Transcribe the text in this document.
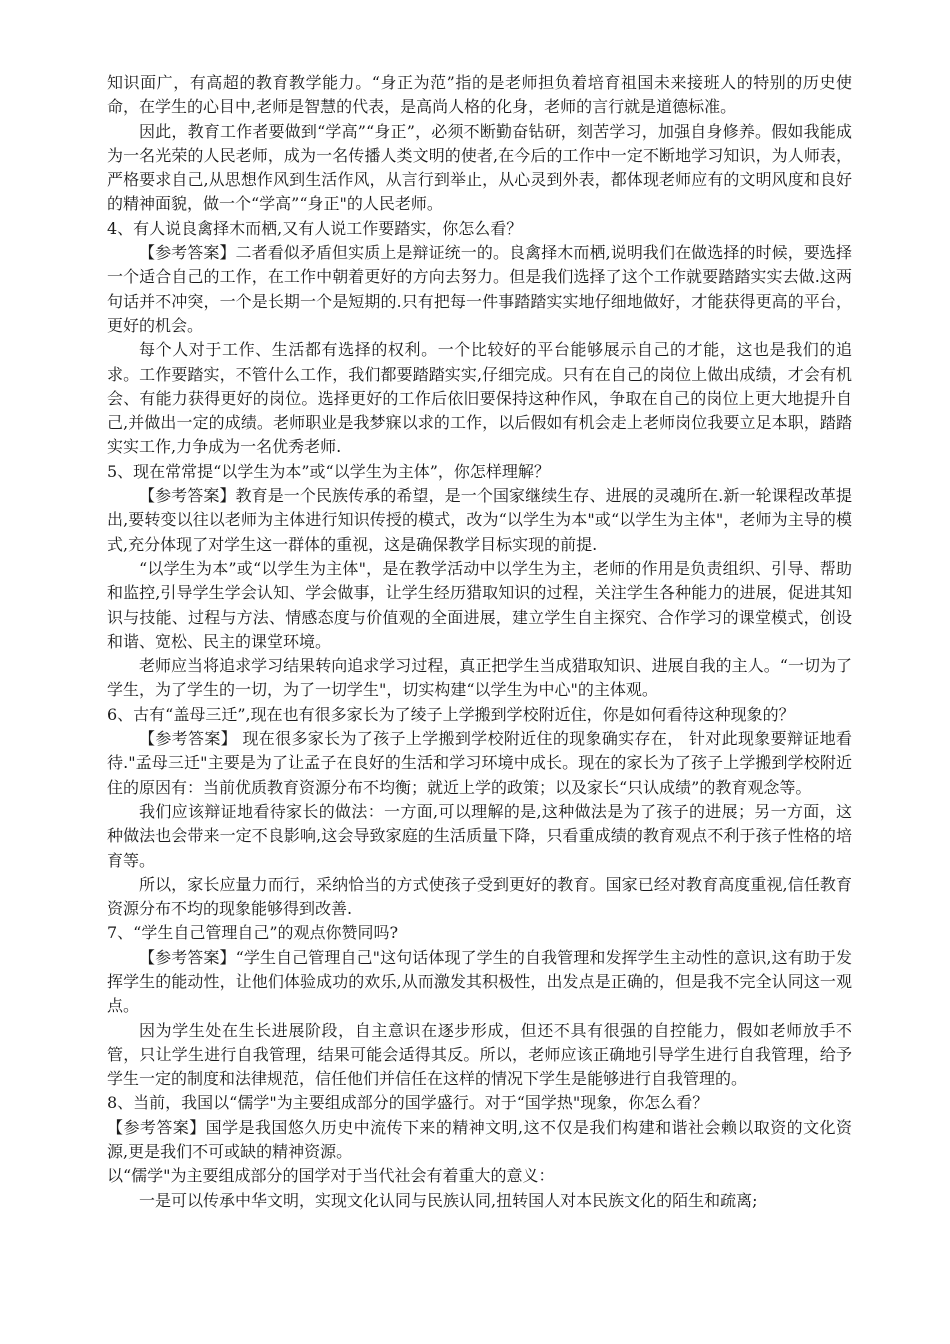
知识面广，有高超的教育教学能力。“身正为范”指的是老师担负着培育祖国未来接班人的特别的历史使命，在学生的心目中,老师是智慧的代表，是高尚人格的化身，老师的言行就是道德标准。

因此，教育工作者要做到“学高”“身正”，必须不断勤奋钻研，刻苦学习，加强自身修养。假如我能成为一名光荣的人民老师，成为一名传播人类文明的使者,在今后的工作中一定不断地学习知识，为人师表，严格要求自己,从思想作风到生活作风，从言行到举止，从心灵到外表，都体现老师应有的文明风度和良好的精神面貌，做一个“学高”“身正"的人民老师。

4、有人说良禽择木而栖,又有人说工作要踏实，你怎么看？

【参考答案】二者看似矛盾但实质上是辩证统一的。良禽择木而栖,说明我们在做选择的时候，要选择一个适合自己的工作，在工作中朝着更好的方向去努力。但是我们选择了这个工作就要踏踏实实去做.这两句话并不冲突，一个是长期一个是短期的.只有把每一件事踏踏实实地仔细地做好，才能获得更高的平台，更好的机会。

每个人对于工作、生活都有选择的权利。一个比较好的平台能够展示自己的才能，这也是我们的追求。工作要踏实，不管什么工作，我们都要踏踏实实,仔细完成。只有在自己的岗位上做出成绩，才会有机会、有能力获得更好的岗位。选择更好的工作后依旧要保持这种作风，争取在自己的岗位上更大地提升自己,并做出一定的成绩。老师职业是我梦寐以求的工作，以后假如有机会走上老师岗位我要立足本职，踏踏实实工作,力争成为一名优秀老师.

5、现在常常提“以学生为本”或“以学生为主体”，你怎样理解？

【参考答案】教育是一个民族传承的希望，是一个国家继续生存、进展的灵魂所在.新一轮课程改革提出,要转变以往以老师为主体进行知识传授的模式，改为“以学生为本"或“以学生为主体"，老师为主导的模式,充分体现了对学生这一群体的重视，这是确保教学目标实现的前提.

“以学生为本”或“以学生为主体"，是在教学活动中以学生为主，老师的作用是负责组织、引导、帮助和监控,引导学生学会认知、学会做事，让学生经历猎取知识的过程，关注学生各种能力的进展，促进其知识与技能、过程与方法、情感态度与价值观的全面进展，建立学生自主探究、合作学习的课堂模式，创设和谐、宽松、民主的课堂环境。

老师应当将追求学习结果转向追求学习过程，真正把学生当成猎取知识、进展自我的主人。“一切为了学生，为了学生的一切，为了一切学生"，切实构建“以学生为中心"的主体观。

6、古有“盖母三迁”,现在也有很多家长为了绫子上学搬到学校附近住，你是如何看待这种现象的？

【参考答案】 现在很多家长为了孩子上学搬到学校附近住的现象确实存在， 针对此现象要辩证地看待."孟母三迁"主要是为了让孟子在良好的生活和学习环境中成长。现在的家长为了孩子上学搬到学校附近住的原因有：当前优质教育资源分布不均衡；就近上学的政策；以及家长“只认成绩”的教育观念等。

我们应该辩证地看待家长的做法：一方面,可以理解的是,这种做法是为了孩子的进展；另一方面，这种做法也会带来一定不良影响,这会导致家庭的生活质量下降，只看重成绩的教育观点不利于孩子性格的培育等。

所以，家长应量力而行，采纳恰当的方式使孩子受到更好的教育。国家已经对教育高度重视,信任教育资源分布不均的现象能够得到改善.

7、“学生自己管理自己”的观点你赞同吗?

【参考答案】“学生自己管理自己"这句话体现了学生的自我管理和发挥学生主动性的意识,这有助于发挥学生的能动性，让他们体验成功的欢乐,从而激发其积极性，出发点是正确的，但是我不完全认同这一观点。

因为学生处在生长进展阶段，自主意识在逐步形成，但还不具有很强的自控能力，假如老师放手不管，只让学生进行自我管理，结果可能会适得其反。所以，老师应该正确地引导学生进行自我管理，给予学生一定的制度和法律规范，信任他们并信任在这样的情况下学生是能够进行自我管理的。

8、当前，我国以“儒学"为主要组成部分的国学盛行。对于“国学热"现象，你怎么看？

【参考答案】国学是我国悠久历史中流传下来的精神文明,这不仅是我们构建和谐社会赖以取资的文化资源,更是我们不可或缺的精神资源。

以“儒学"为主要组成部分的国学对于当代社会有着重大的意义：

一是可以传承中华文明，实现文化认同与民族认同,扭转国人对本民族文化的陌生和疏离;
